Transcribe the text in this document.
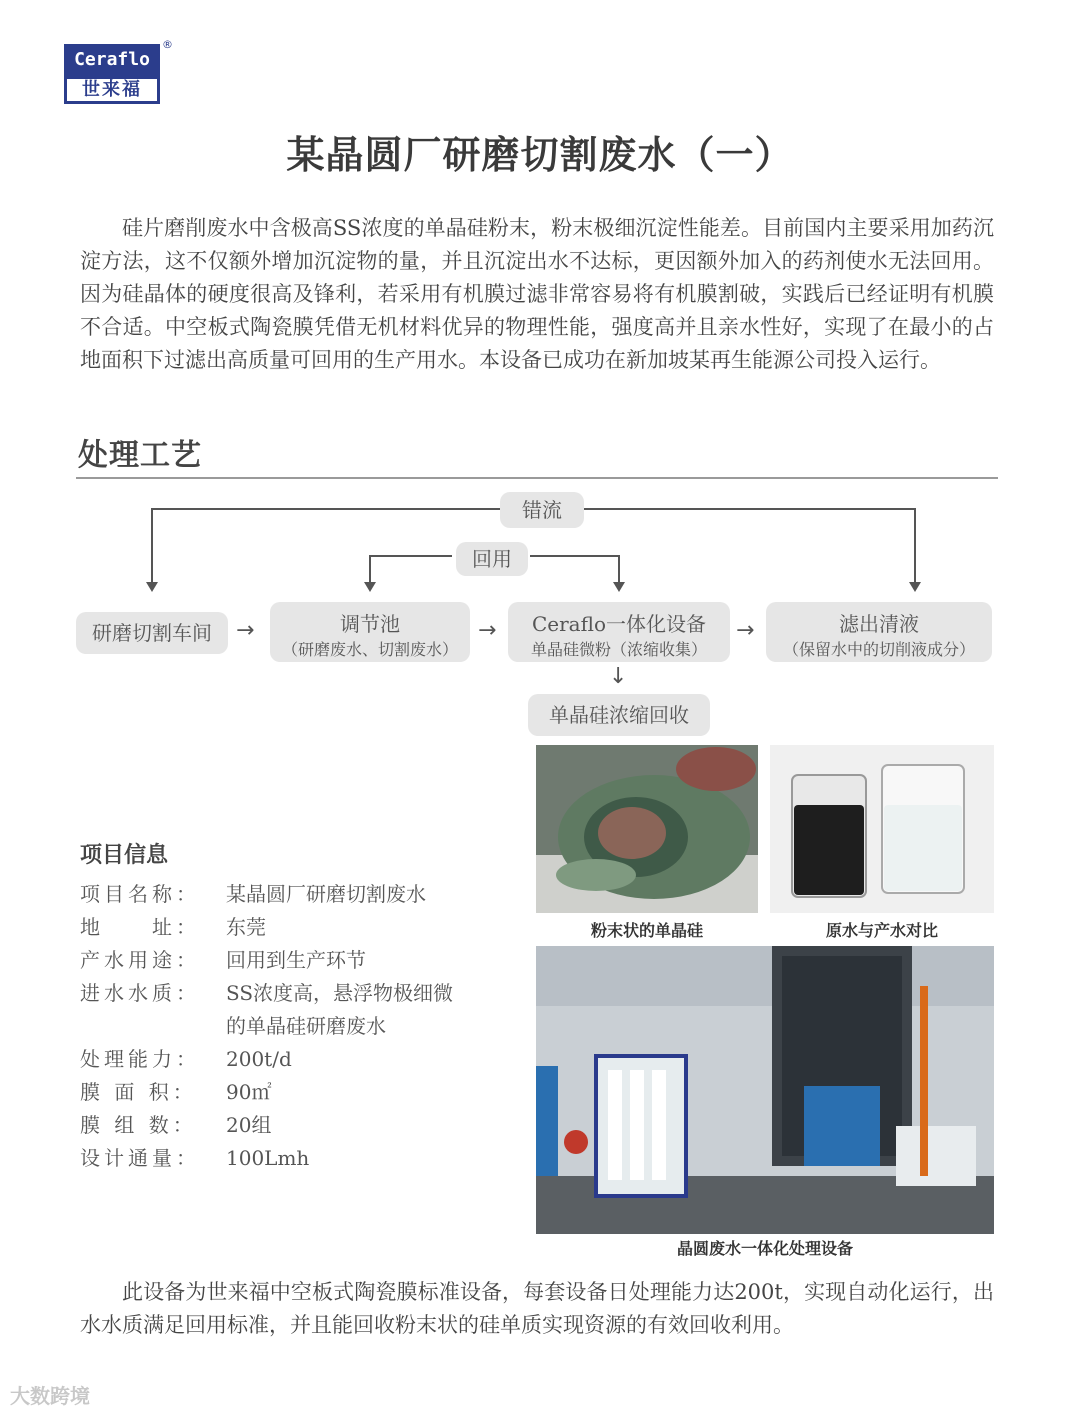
Ceraflo
世来福
®
某晶圆厂研磨切割废水（一）
硅片磨削废水中含极高SS浓度的单晶硅粉末，粉末极细沉淀性能差。目前国内主要采用加药沉淀方法，这不仅额外增加沉淀物的量，并且沉淀出水不达标，更因额外加入的药剂使水无法回用。因为硅晶体的硬度很高及锋利，若采用有机膜过滤非常容易将有机膜割破，实践后已经证明有机膜不合适。中空板式陶瓷膜凭借无机材料优异的物理性能，强度高并且亲水性好，实现了在最小的占地面积下过滤出高质量可回用的生产用水。本设备已成功在新加坡某再生能源公司投入运行。
处理工艺
错流
回用
研磨切割车间	→	调节池
（研磨废水、切割废水）
→	Ceraflo一体化设备
单晶硅微粉（浓缩收集）
→	滤出清液
（保留水中的切削液成分）
↓
单晶硅浓缩回收
粉末状的单晶硅	原水与产水对比
晶圆废水一体化处理设备
项目信息
项目名称：	某晶圆厂研磨切割废水
地　　址：	东莞
产水用途：	回用到生产环节
进水水质：	SS浓度高，悬浮物极细微的单晶硅研磨废水
处理能力：	200t/d
膜 面 积：	90㎡
膜 组 数：	20组
设计通量：	100Lmh
此设备为世来福中空板式陶瓷膜标准设备，每套设备日处理能力达200t，实现自动化运行，出水水质满足回用标准，并且能回收粉末状的硅单质实现资源的有效回收利用。
大数跨境
